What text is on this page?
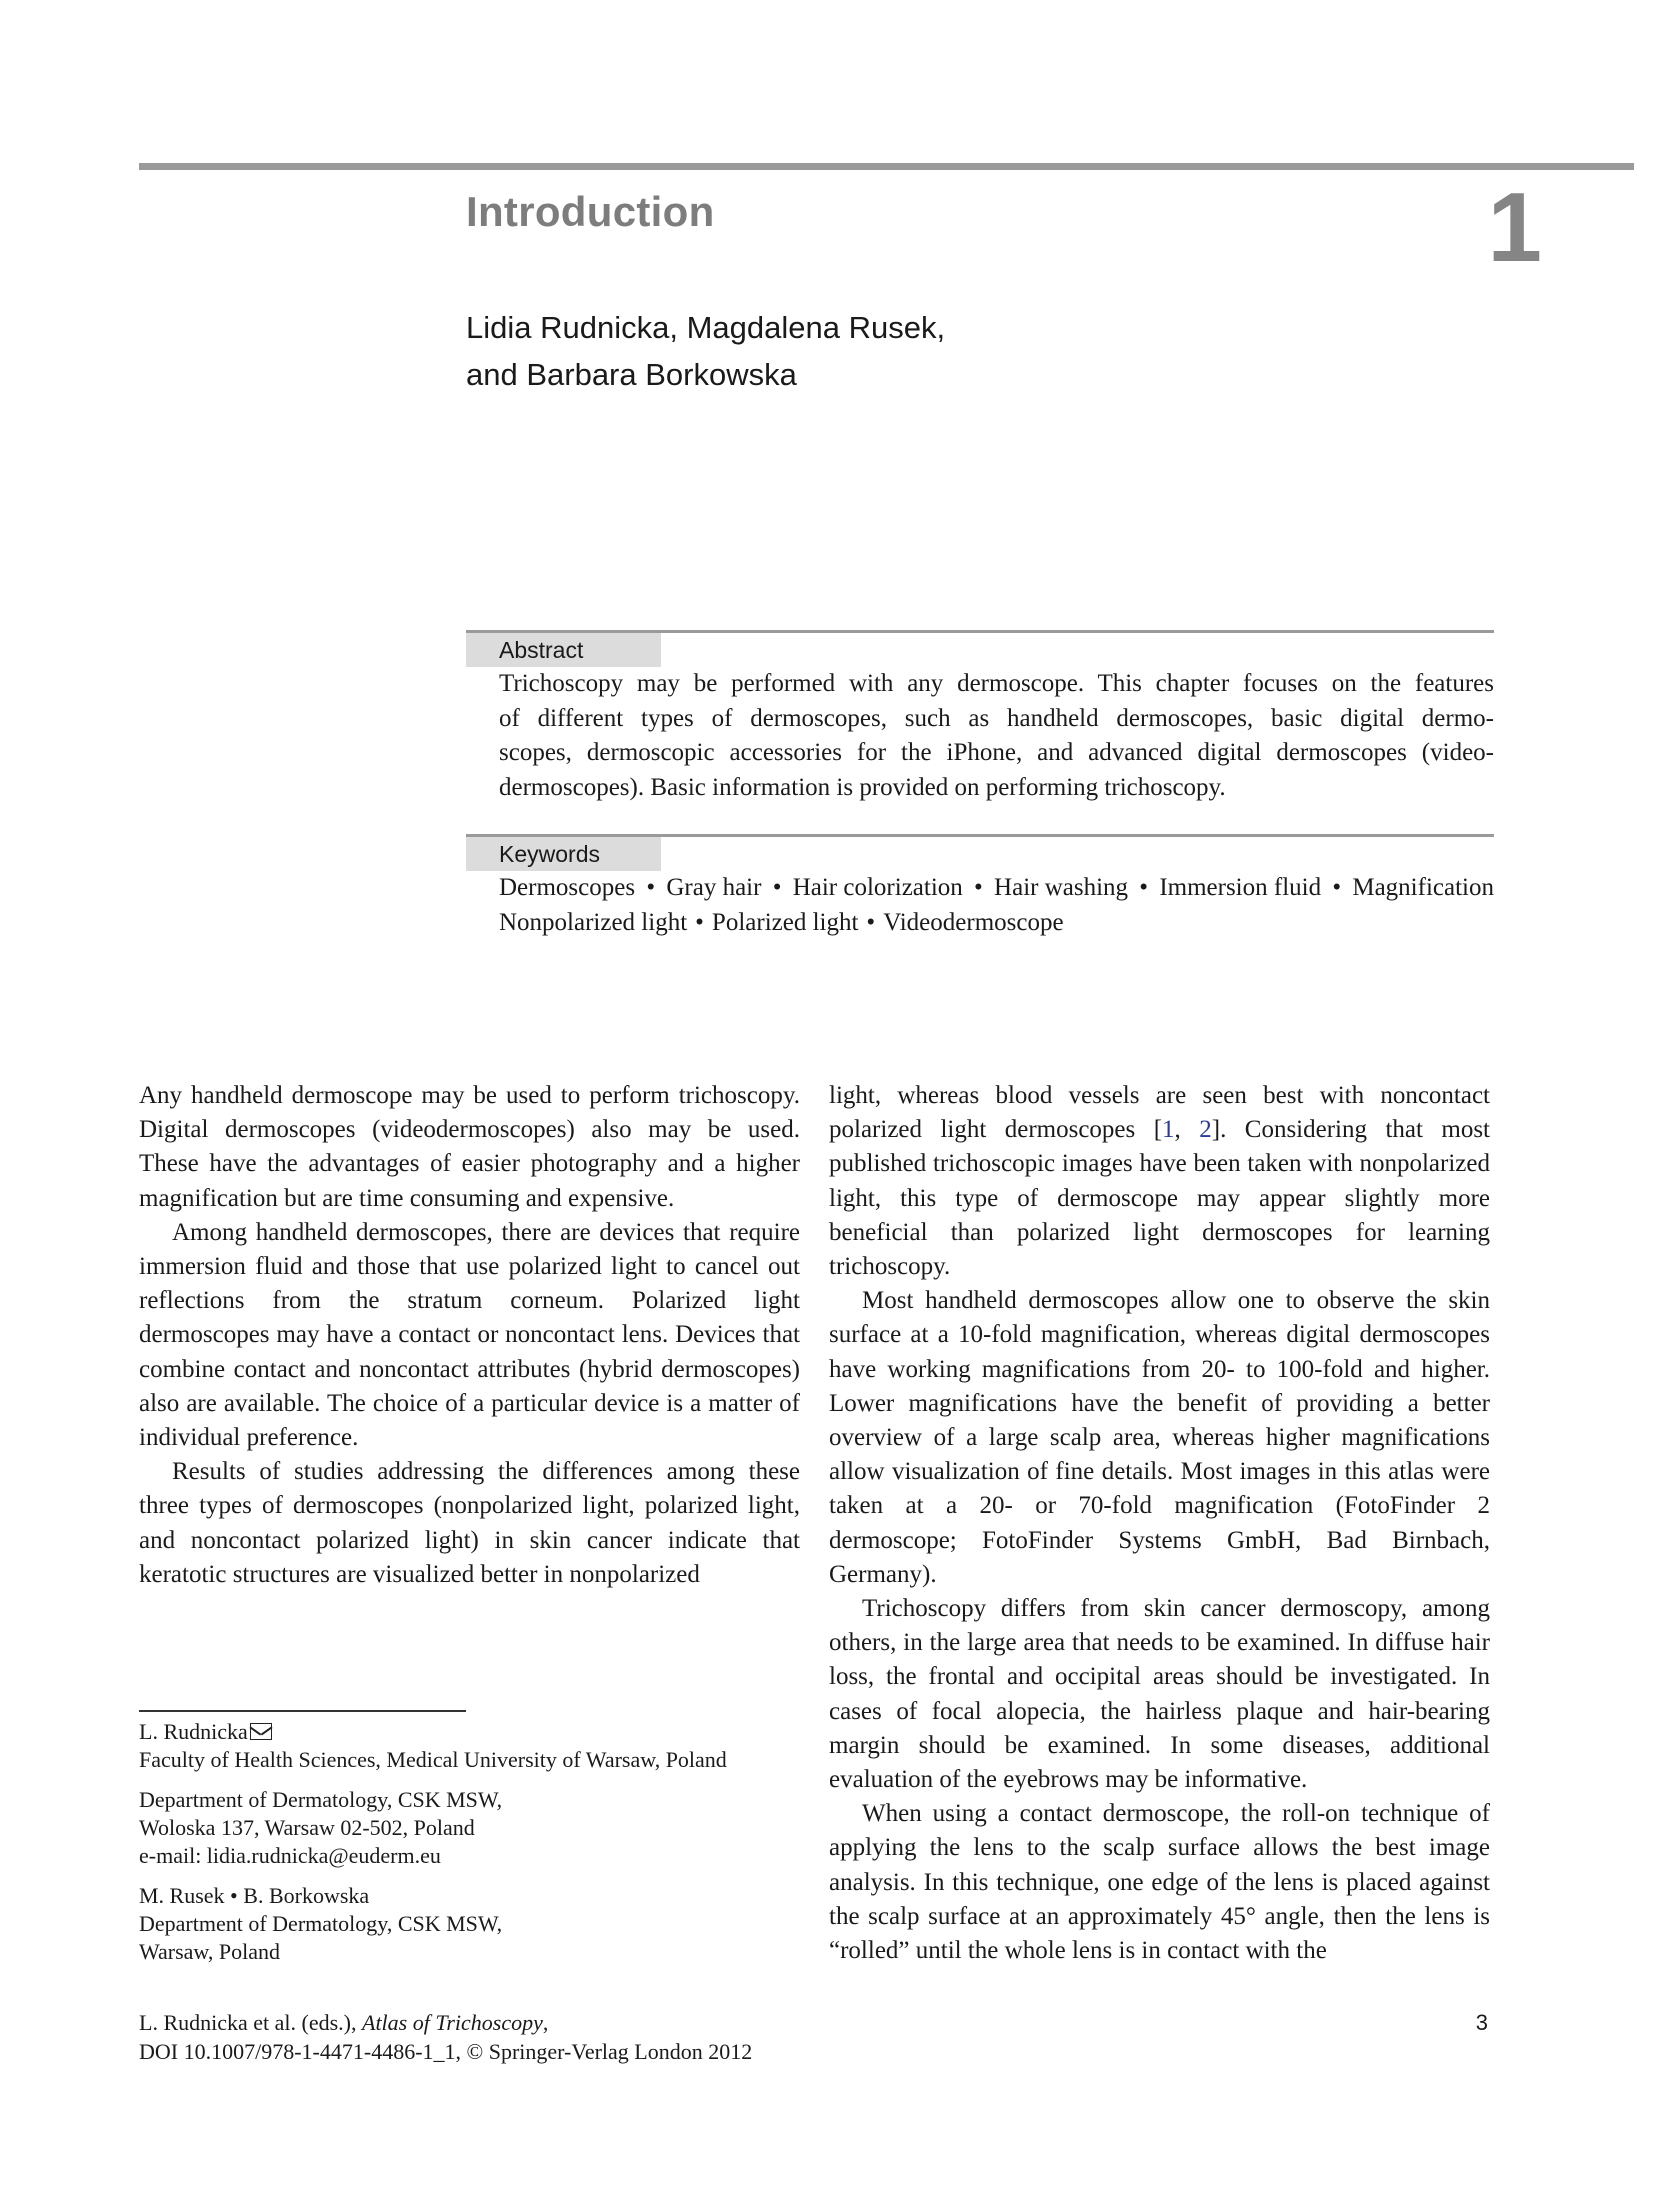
Introduction	1
Lidia Rudnicka, Magdalena Rusek,
and Barbara Borkowska
Abstract
Trichoscopy may be performed with any dermoscope. This chapter focuses on the features
of different types of dermoscopes, such as handheld dermoscopes, basic digital dermo-
scopes, dermoscopic accessories for the iPhone, and advanced digital dermoscopes (video-
dermoscopes). Basic information is provided on performing trichoscopy.
Keywords
Dermoscopes • Gray hair • Hair colorization • Hair washing • Immersion fluid • Magnification
Nonpolarized light • Polarized light • Videodermoscope

Any handheld dermoscope may be used to perform trichoscopy. Digital dermoscopes (videodermoscopes) also may be used. These have the advantages of easier photography and a higher magnification but are time consuming and expensive.

Among handheld dermoscopes, there are devices that require immersion fluid and those that use polarized light to cancel out reflections from the stratum corneum. Polarized light dermoscopes may have a contact or noncontact lens. Devices that combine contact and noncontact attributes (hybrid dermoscopes) also are available. The choice of a particular device is a matter of individual preference.

Results of studies addressing the differences among these three types of dermoscopes (nonpolarized light, polarized light, and noncontact polarized light) in skin cancer indicate that keratotic structures are visualized better in nonpolarized

light, whereas blood vessels are seen best with noncontact polarized light dermoscopes [1, 2]. Considering that most published trichoscopic images have been taken with nonpolarized light, this type of dermoscope may appear slightly more beneficial than polarized light dermoscopes for learning trichoscopy.

Most handheld dermoscopes allow one to observe the skin surface at a 10-fold magnification, whereas digital dermoscopes have working magnifications from 20- to 100-fold and higher. Lower magnifications have the benefit of providing a better overview of a large scalp area, whereas higher magnifications allow visualization of fine details. Most images in this atlas were taken at a 20- or 70-fold magnification (FotoFinder 2 dermoscope; FotoFinder Systems GmbH, Bad Birnbach, Germany).

Trichoscopy differs from skin cancer dermoscopy, among others, in the large area that needs to be examined. In diffuse hair loss, the frontal and occipital areas should be investigated. In cases of focal alopecia, the hairless plaque and hair-bearing margin should be examined. In some diseases, additional evaluation of the eyebrows may be informative.

When using a contact dermoscope, the roll-on technique of applying the lens to the scalp surface allows the best image analysis. In this technique, one edge of the lens is placed against the scalp surface at an approximately 45° angle, then the lens is “rolled” until the whole lens is in contact with the

L. Rudnicka
Faculty of Health Sciences, Medical University of Warsaw, Poland
Department of Dermatology, CSK MSW,
Woloska 137, Warsaw 02-502, Poland
e-mail: lidia.rudnicka@euderm.eu
M. Rusek • B. Borkowska
Department of Dermatology, CSK MSW,
Warsaw, Poland
L. Rudnicka et al. (eds.), Atlas of Trichoscopy,
DOI 10.1007/978-1-4471-4486-1_1, © Springer-Verlag London 2012
3
